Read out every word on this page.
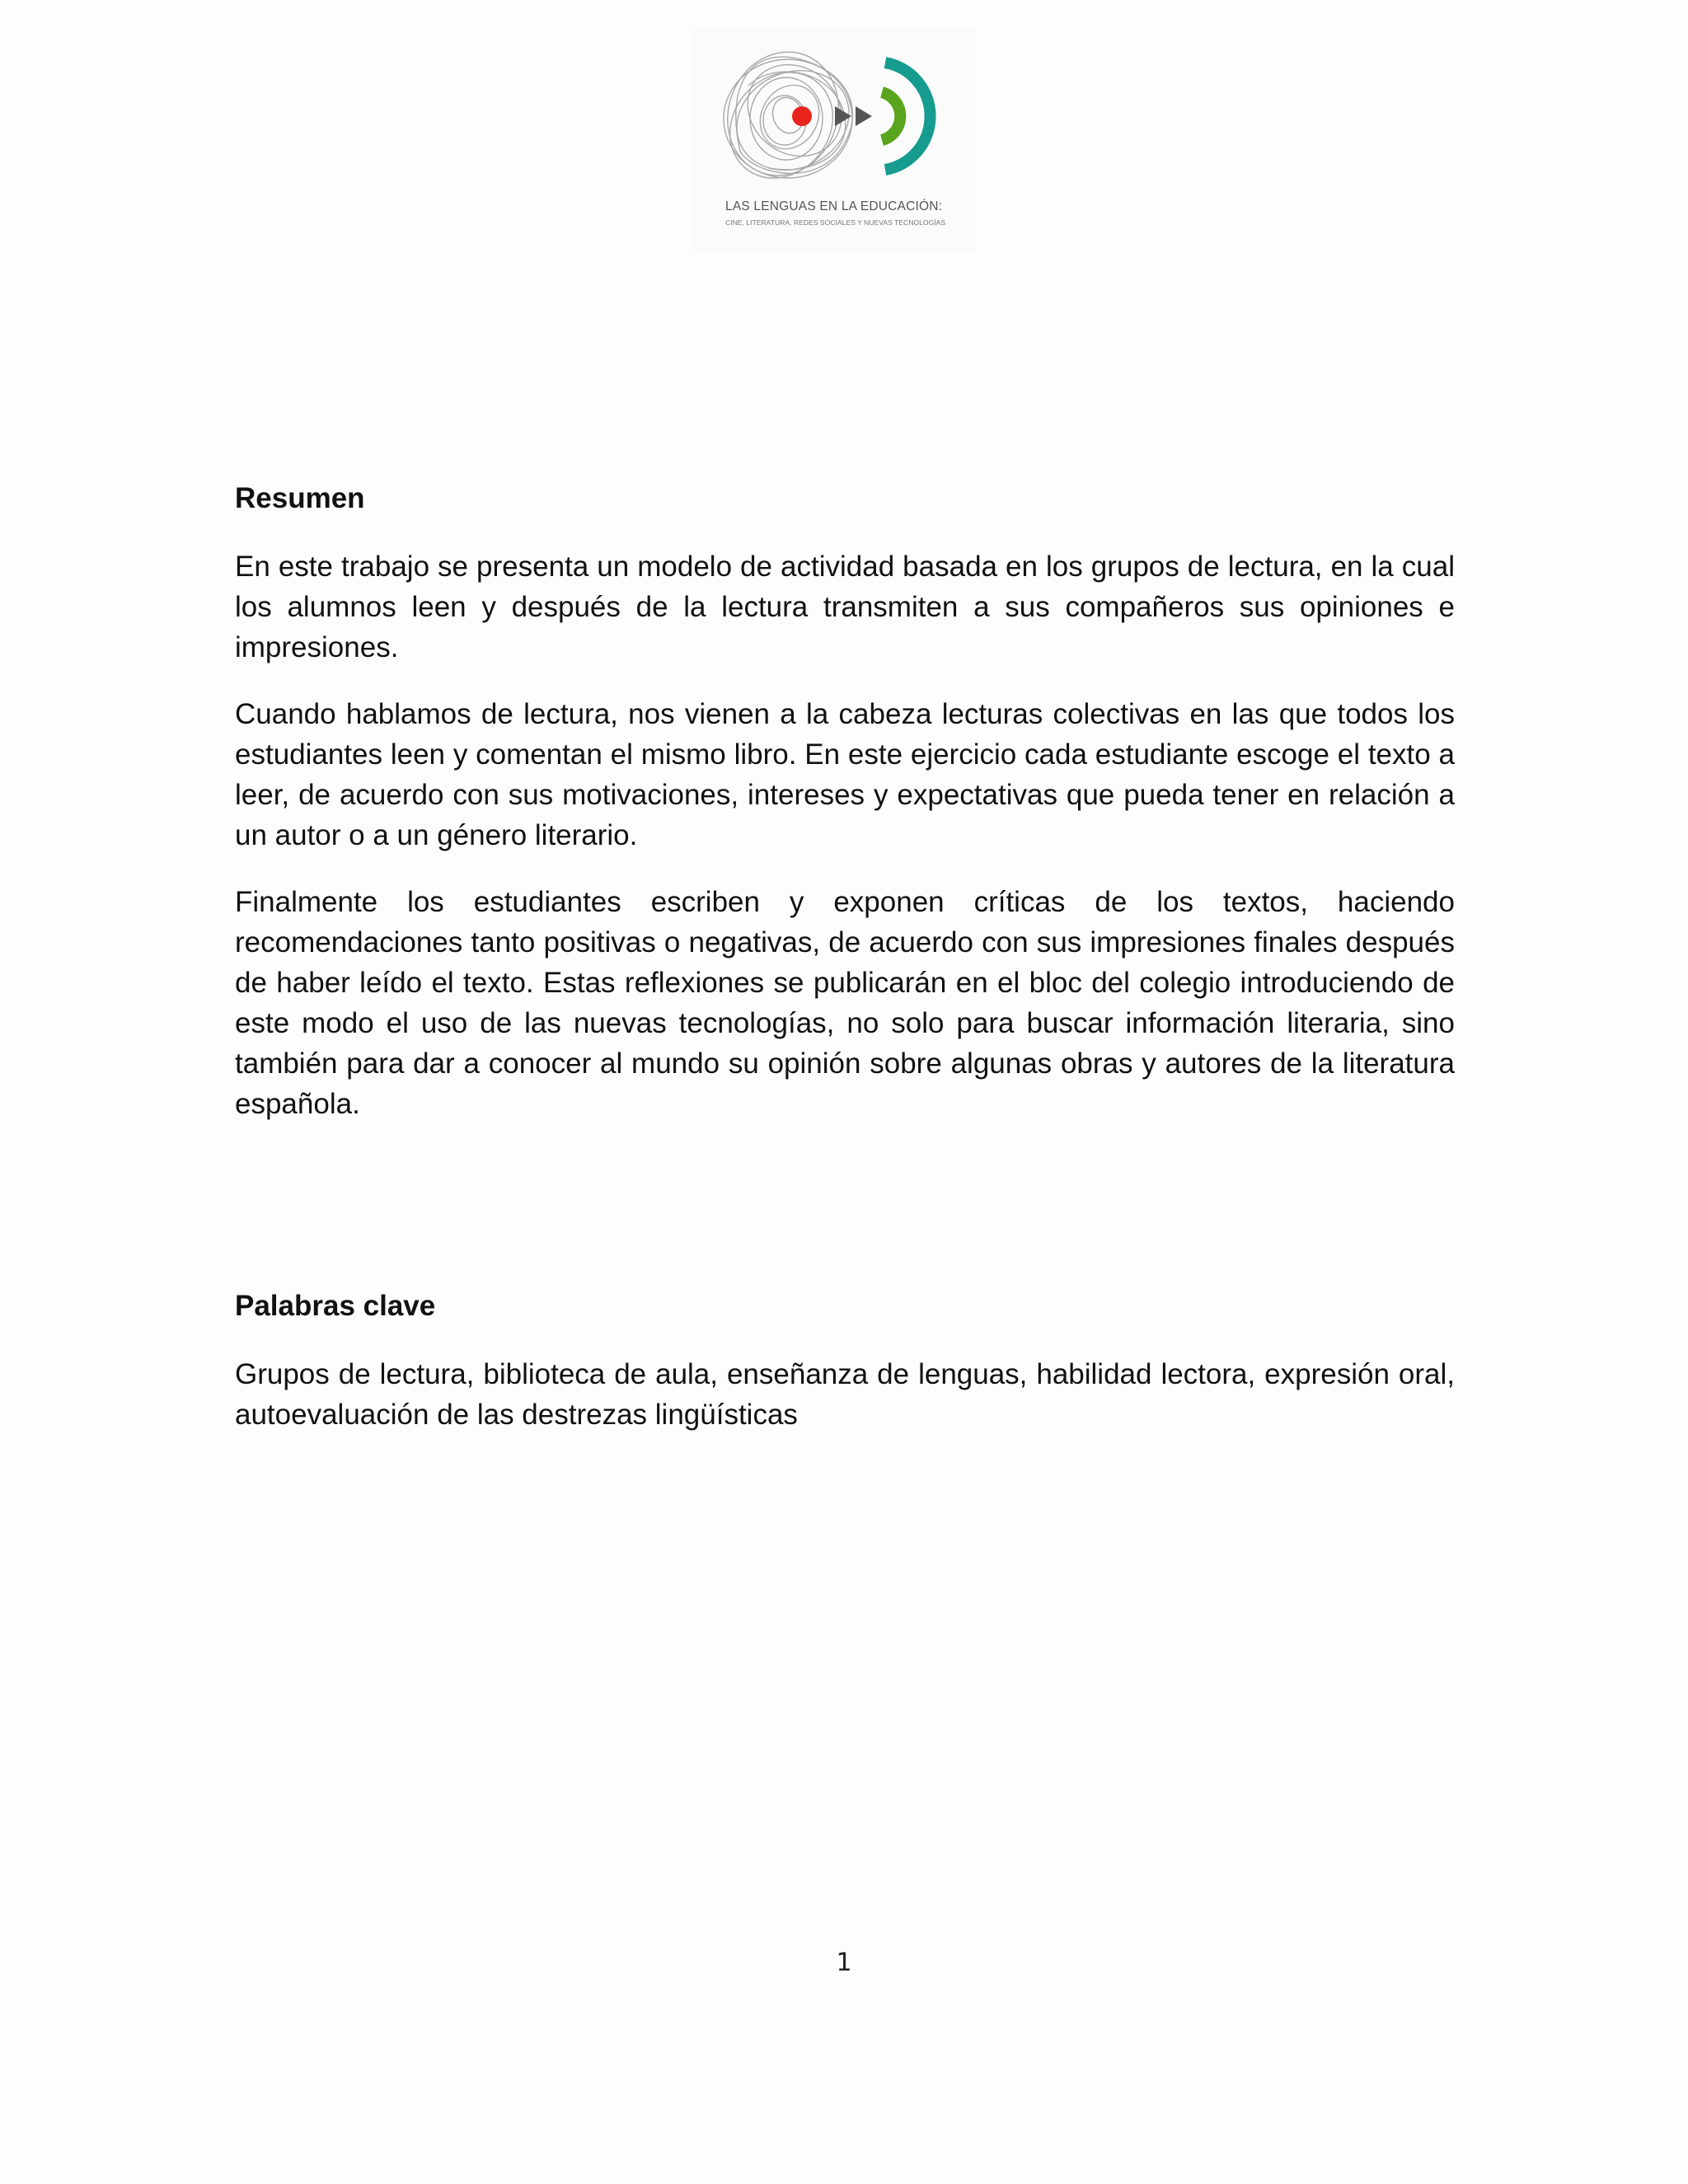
LAS LENGUAS EN LA EDUCACIÓN:
CINE, LITERATURA, REDES SOCIALES Y NUEVAS TECNOLOGÍAS
Resumen

En este trabajo se presenta un modelo de actividad basada en los grupos de lectura, en la cual los alumnos leen y después de la lectura transmiten a sus compañeros sus opiniones e impresiones.

Cuando hablamos de lectura, nos vienen a la cabeza lecturas colectivas en las que todos los estudiantes leen y comentan el mismo libro. En este ejercicio cada estudiante escoge el texto a leer, de acuerdo con sus motivaciones, intereses y expectativas que pueda tener en relación a un autor o a un género literario.

Finalmente los estudiantes escriben y exponen críticas de los textos, haciendo recomendaciones tanto positivas o negativas, de acuerdo con sus impresiones finales después de haber leído el texto. Estas reflexiones se publicarán en el bloc del colegio introduciendo de este modo el uso de las nuevas tecnologías, no solo para buscar información literaria, sino también para dar a conocer al mundo su opinión sobre algunas obras y autores de la literatura española.

Palabras clave

Grupos de lectura, biblioteca de aula, enseñanza de lenguas, habilidad lectora, expresión oral, autoevaluación de las destrezas lingüísticas

1
